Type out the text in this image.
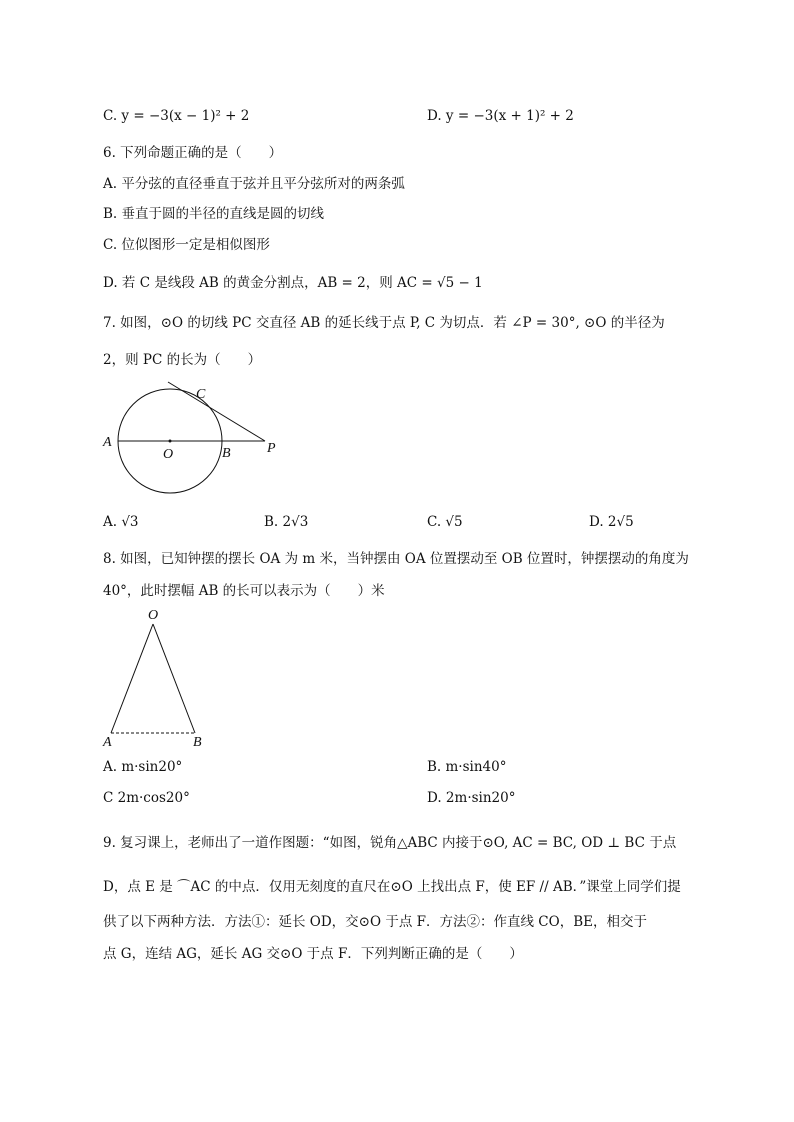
C. y = −3(x − 1)² + 2	D. y = −3(x + 1)² + 2
6. 下列命题正确的是（　　）
A. 平分弦的直径垂直于弦并且平分弦所对的两条弧
B. 垂直于圆的半径的直线是圆的切线
C. 位似图形一定是相似图形
D. 若 C 是线段 AB 的黄金分割点，AB = 2，则 AC = √5 − 1
7. 如图，⊙O 的切线 PC 交直径 AB 的延长线于点 P, C 为切点．若 ∠P = 30°, ⊙O 的半径为
2，则 PC 的长为（　　）
A
O	B	P
C
A. √3	B. 2√3	C. √5	D. 2√5
8. 如图，已知钟摆的摆长 OA 为 m 米，当钟摆由 OA 位置摆动至 OB 位置时，钟摆摆动的角度为
40°，此时摆幅 AB 的长可以表示为（　　）米
O
A	B
A. m·sin20°	B. m·sin40°
C 2m·cos20°	D. 2m·sin20°
9. 复习课上，老师出了一道作图题：“如图，锐角△ABC 内接于⊙O, AC = BC, OD ⊥ BC 于点
D，点 E 是 ⌒AC 的中点．仅用无刻度的直尺在⊙O 上找出点 F，使 EF // AB．”课堂上同学们提
供了以下两种方法．方法①：延长 OD，交⊙O 于点 F．方法②：作直线 CO，BE，相交于
点 G，连结 AG，延长 AG 交⊙O 于点 F．下列判断正确的是（　　）
